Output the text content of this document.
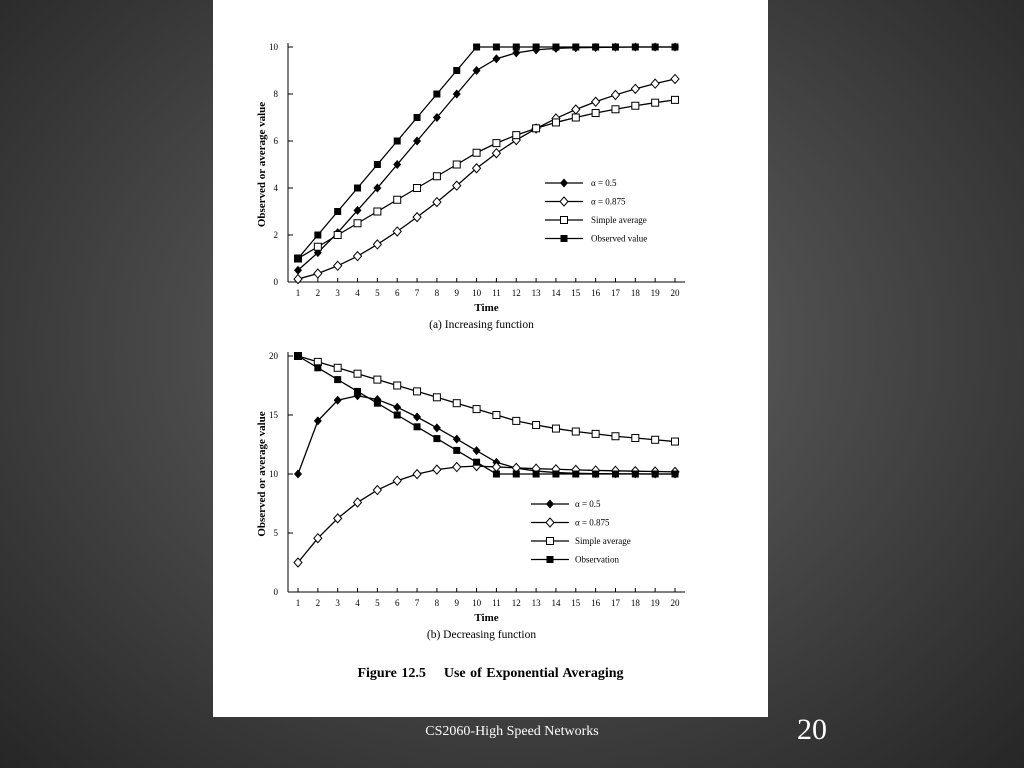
0
2
4
6
8
10
1 2 3 4 5 6 7 8 9 10 11 12 13 14 15 16 17 18 19 20
Time
Observed or average value
(a) Increasing function
α = 0.5
α = 0.875
Simple average
Observed value
0
5
10
15
20
1 2 3 4 5 6 7 8 9 10 11 12 13 14 15 16 17 18 19 20
Time
Observed or average value
(b) Decreasing function
α = 0.5
α = 0.875
Simple average
Observation
Figure 12.5 Use of Exponential Averaging
CS2060-High Speed Networks	20
